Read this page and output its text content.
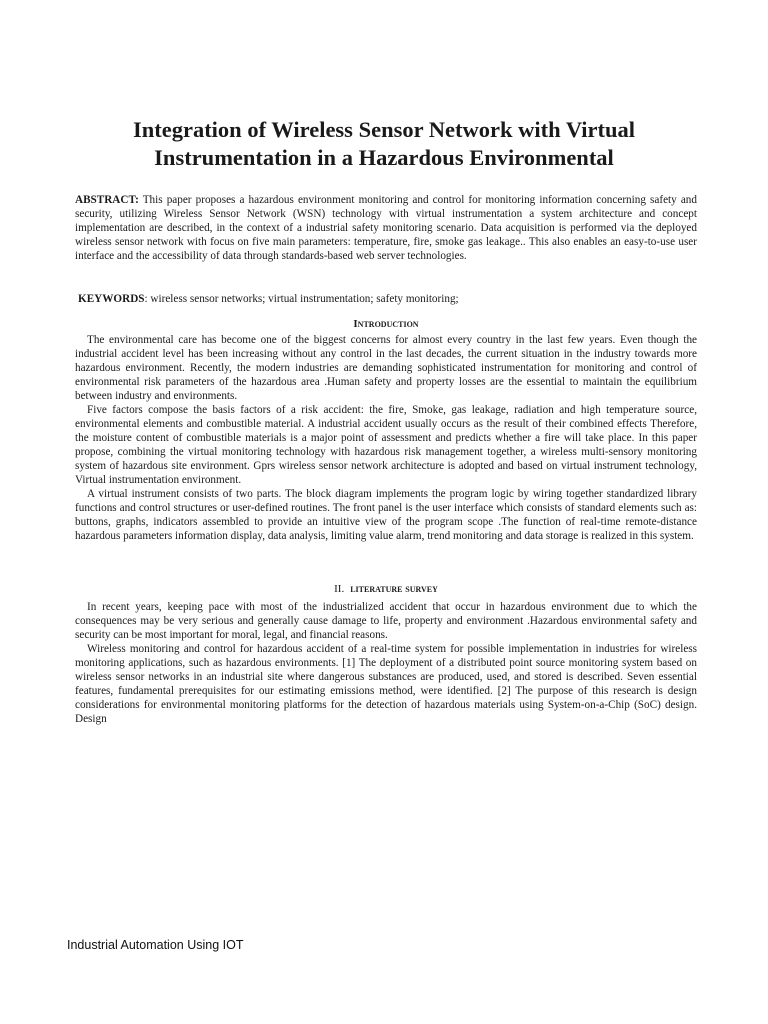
Integration of Wireless Sensor Network with Virtual Instrumentation in a Hazardous Environmental

ABSTRACT: This paper proposes a hazardous environment monitoring and control for monitoring information concerning safety and security, utilizing Wireless Sensor Network (WSN) technology with virtual instrumentation a system architecture and concept implementation are described, in the context of a industrial safety monitoring scenario. Data acquisition is performed via the deployed wireless sensor network with focus on five main parameters: temperature, fire, smoke gas leakage.. This also enables an easy-to-use user interface and the accessibility of data through standards-based web server technologies.

KEYWORDS: wireless sensor networks; virtual instrumentation; safety monitoring;
Introduction

The environmental care has become one of the biggest concerns for almost every country in the last few years. Even though the industrial accident level has been increasing without any control in the last decades, the current situation in the industry towards more hazardous environment. Recently, the modern industries are demanding sophisticated instrumentation for monitoring and control of environmental risk parameters of the hazardous area .Human safety and property losses are the essential to maintain the equilibrium between industry and environments.

Five factors compose the basis factors of a risk accident: the fire, Smoke, gas leakage, radiation and high temperature source, environmental elements and combustible material. A industrial accident usually occurs as the result of their combined effects Therefore, the moisture content of combustible materials is a major point of assessment and predicts whether a fire will take place. In this paper propose, combining the virtual monitoring technology with hazardous risk management together, a wireless multi-sensory monitoring system of hazardous site environment. Gprs wireless sensor network architecture is adopted and based on virtual instrument technology, Virtual instrumentation environment.

A virtual instrument consists of two parts. The block diagram implements the program logic by wiring together standardized library functions and control structures or user-defined routines. The front panel is the user interface which consists of standard elements such as: buttons, graphs, indicators assembled to provide an intuitive view of the program scope .The function of real-time remote-distance hazardous parameters information display, data analysis, limiting value alarm, trend monitoring and data storage is realized in this system.

II. literature survey

In recent years, keeping pace with most of the industrialized accident that occur in hazardous environment due to which the consequences may be very serious and generally cause damage to life, property and environment .Hazardous environmental safety and security can be most important for moral, legal, and financial reasons.

Wireless monitoring and control for hazardous accident of a real-time system for possible implementation in industries for wireless monitoring applications, such as hazardous environments. [1] The deployment of a distributed point source monitoring system based on wireless sensor networks in an industrial site where dangerous substances are produced, used, and stored is described. Seven essential features, fundamental prerequisites for our estimating emissions method, were identified. [2] The purpose of this research is design considerations for environmental monitoring platforms for the detection of hazardous materials using System-on-a-Chip (SoC) design. Design

Industrial Automation Using IOT
